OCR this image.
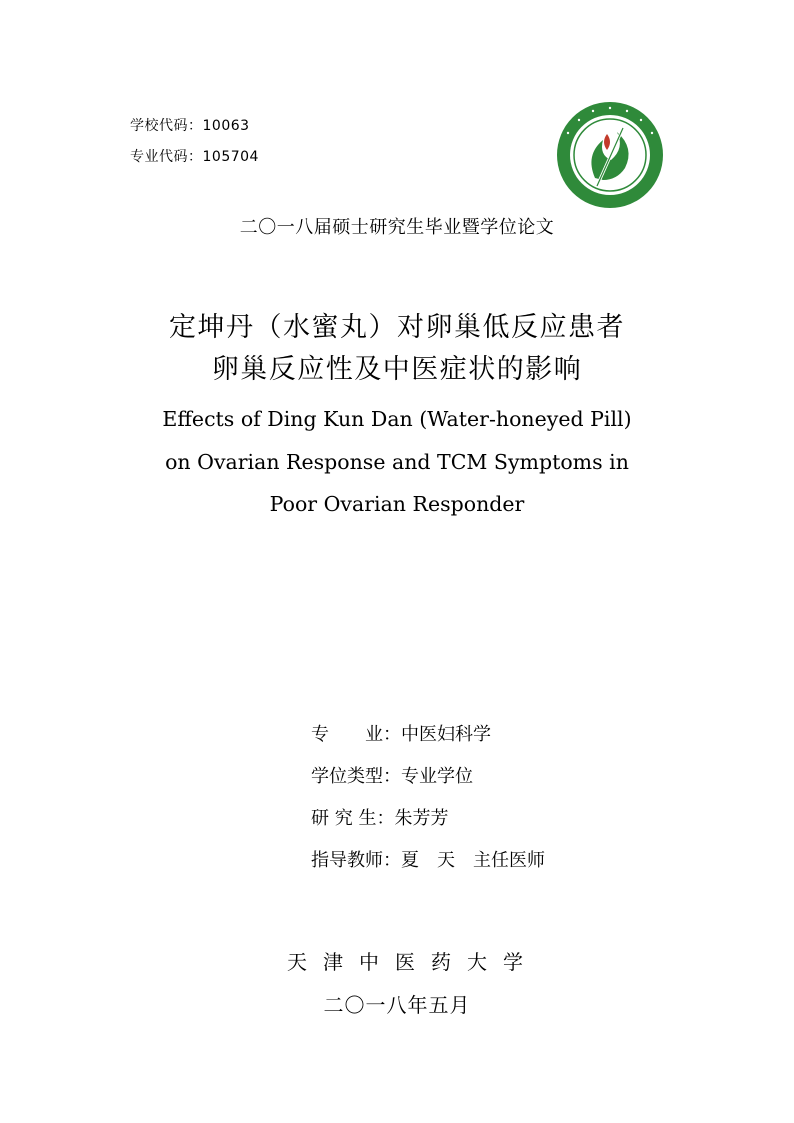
学校代码：10063
专业代码：105704
二〇一八届硕士研究生毕业暨学位论文
定坤丹（水蜜丸）对卵巢低反应患者
卵巢反应性及中医症状的影响
Effects of Ding Kun Dan (Water-honeyed Pill)
on Ovarian Response and TCM Symptoms in
Poor Ovarian Responder
专　　业：中医妇科学
学位类型：专业学位
研 究 生：朱芳芳
指导教师：夏　天　主任医师
天津中医药大学
二〇一八年五月
